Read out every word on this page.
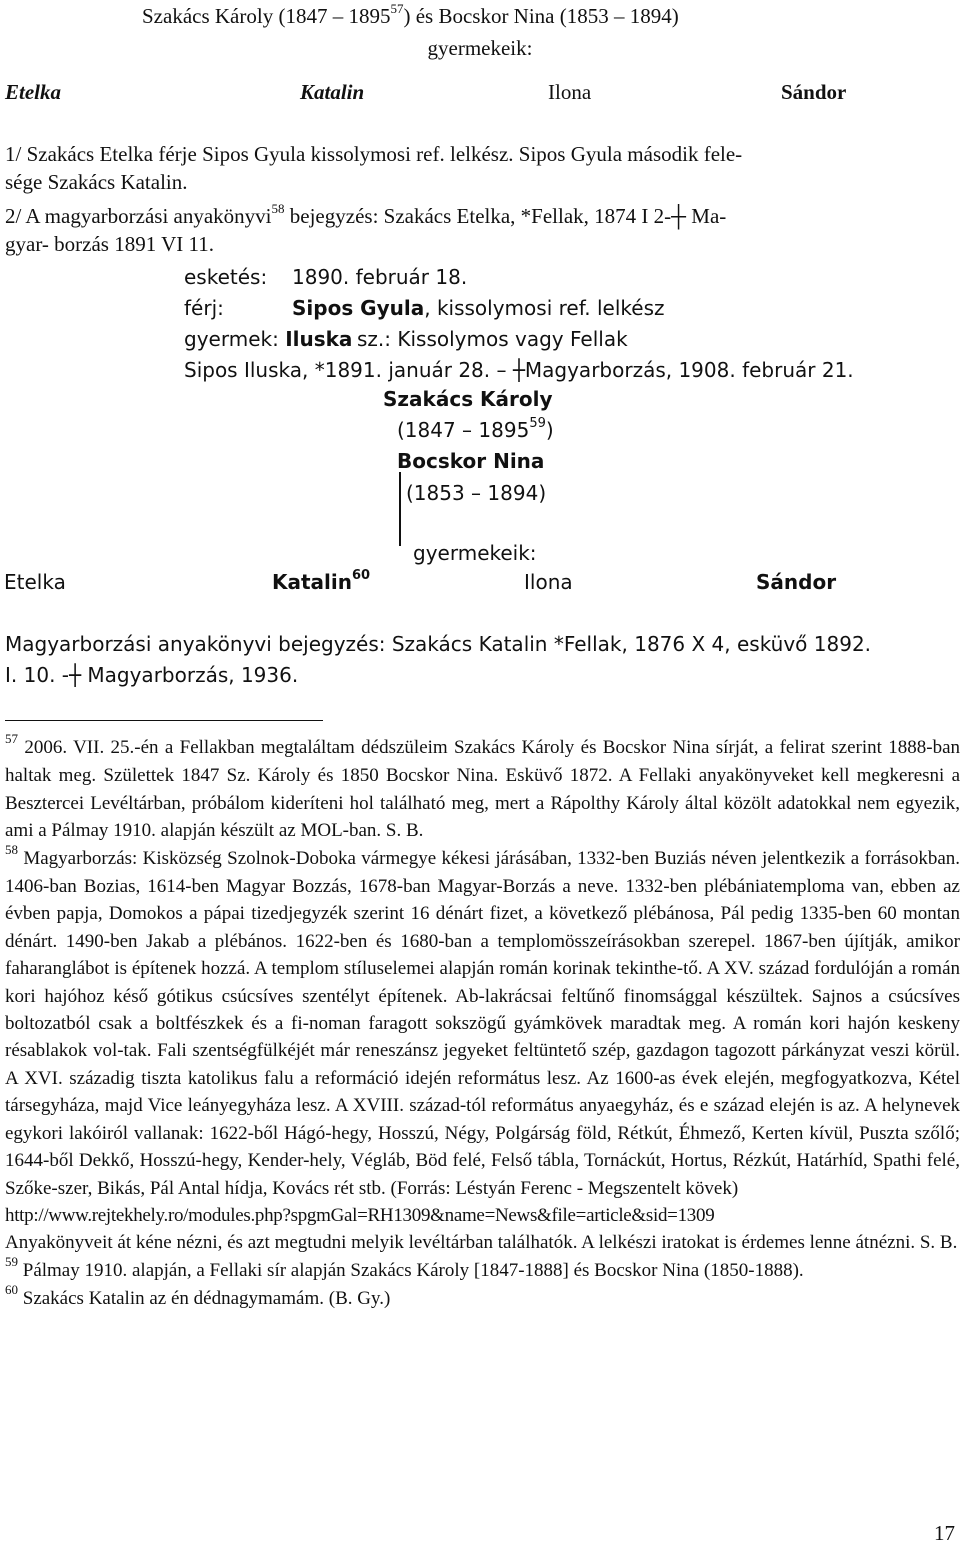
Szakács Károly (1847 – 1895$^{57}$) és Bocskor Nina (1853 – 1894)
gyermekeik:
Etelka	Katalin	Ilona	Sándor
1/ Szakács Etelka férje Sipos Gyula kissolymosi ref. lelkész. Sipos Gyula második fele-
sége Szakács Katalin.
2/ A magyarborzási anyakönyvi$^{58}$ bejegyzés: Szakács Etelka, *Fellak, 1874 I 2-┼ Ma-
gyar- borzás 1891 VI 11.
esketés: 1890. február 18.
férj:	Sipos Gyula, kissolymosi ref. lelkész
gyermek: Iluska sz.: Kissolymos vagy Fellak
Sipos Iluska, *1891. január 28. – ┼Magyarborzás, 1908. február 21.
Szakács Károly
(1847 – 1895$^{59}$)
Bocskor Nina
(1853 – 1894)
gyermekeik:
Etelka	Katalin$^{60}$	Ilona	Sándor
Magyarborzási anyakönyvi bejegyzés: Szakács Katalin *Fellak, 1876 X 4, esküvő 1892.
I. 10. -┼ Magyarborzás, 1936.

$^{57}$ 2006. VII. 25.-én a Fellakban megtaláltam dédszüleim Szakács Károly és Bocskor Nina sírját, a felirat szerint 1888-ban haltak meg. Születtek 1847 Sz. Károly és 1850 Bocskor Nina. Esküvő 1872. A Fellaki anyakönyveket kell megkeresni a Besztercei Levéltárban, próbálom kideríteni hol található meg, mert a Rápolthy Károly által közölt adatokkal nem egyezik, ami a Pálmay 1910. alapján készült az MOL-ban. S. B.

$^{58}$ Magyarborzás: Kisközség Szolnok-Doboka vármegye kékesi járásában, 1332-ben Buziás néven jelentkezik a forrásokban. 1406-ban Bozias, 1614-ben Magyar Bozzás, 1678-ban Magyar-Borzás a neve. 1332-ben plébániatemploma van, ebben az évben papja, Domokos a pápai tizedjegyzék szerint 16 dénárt fizet, a következő plébánosa, Pál pedig 1335-ben 60 montan dénárt. 1490-ben Jakab a plébános. 1622-ben és 1680-ban a templomösszeírásokban szerepel. 1867-ben újítják, amikor faharanglábot is építenek hozzá. A templom stíluselemei alapján román korinak tekinthe-tő. A XV. század fordulóján a román kori hajóhoz késő gótikus csúcsíves szentélyt építenek. Ab-lakrácsai feltűnő finomsággal készültek. Sajnos a csúcsíves boltozatból csak a boltfészkek és a fi-noman faragott sokszögű gyámkövek maradtak meg. A román kori hajón keskeny résablakok vol-tak. Fali szentségfülkéjét már reneszánsz jegyeket feltüntető szép, gazdagon tagozott párkányzat veszi körül. A XVI. századig tiszta katolikus falu a reformáció idején református lesz. Az 1600-as évek elején, megfogyatkozva, Kétel társegyháza, majd Vice leányegyháza lesz. A XVIII. század-tól református anyaegyház, és e század elején is az. A helynevek egykori lakóiról vallanak: 1622-ből Hágó-hegy, Hosszú, Négy, Polgárság föld, Rétkút, Éhmező, Kerten kívül, Puszta szőlő; 1644-ből Dekkő, Hosszú-hegy, Kender-hely, Végláb, Böd felé, Felső tábla, Tornáckút, Hortus, Rézkút, Határhíd, Spathi felé, Szőke-szer, Bikás, Pál Antal hídja, Kovács rét stb. (Forrás: Léstyán Ferenc - Megszentelt kövek)

http://www.rejtekhely.ro/modules.php?spgmGal=RH1309&name=News&file=article&sid=1309

Anyakönyveit át kéne nézni, és azt megtudni melyik levéltárban találhatók. A lelkészi iratokat is érdemes lenne átnézni. S. B.

$^{59}$ Pálmay 1910. alapján, a Fellaki sír alapján Szakács Károly [1847-1888] és Bocskor Nina (1850-1888).

$^{60}$ Szakács Katalin az én dédnagymamám. (B. Gy.)

17
